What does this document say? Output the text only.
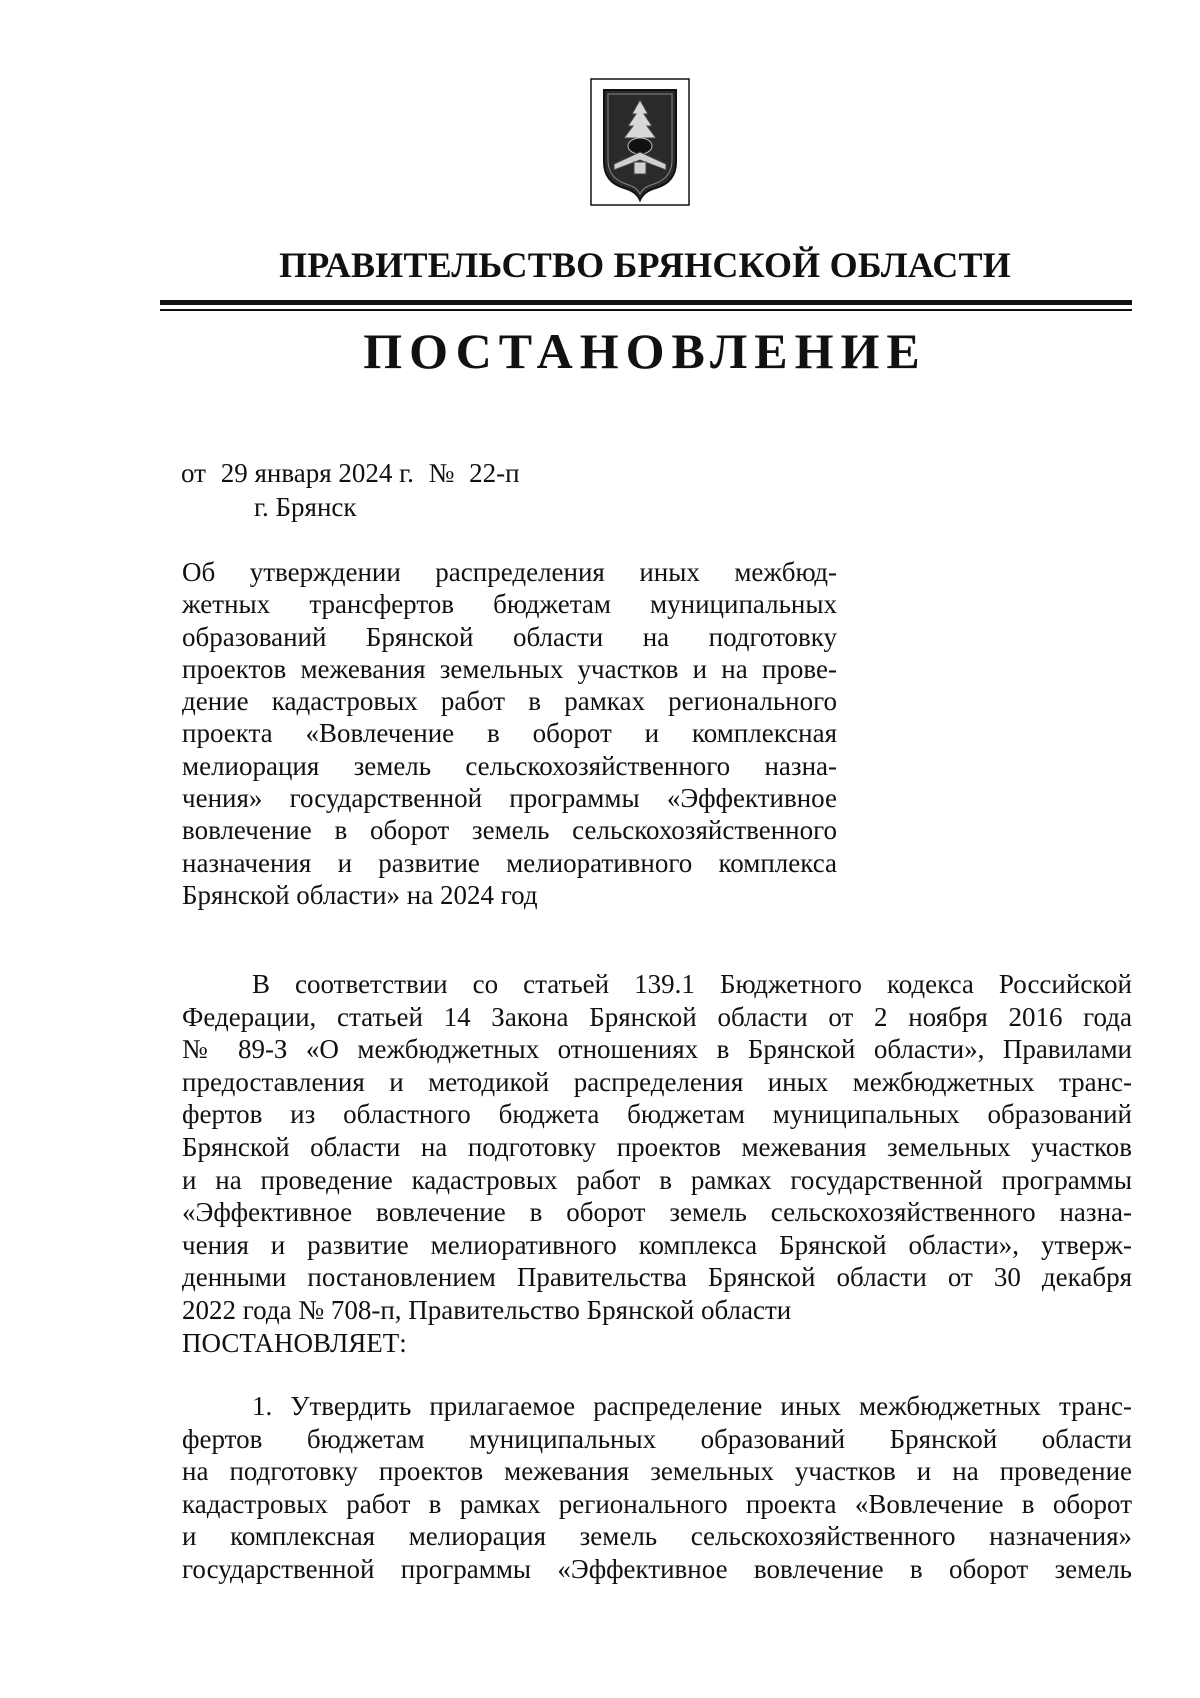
ПРАВИТЕЛЬСТВО БРЯНСКОЙ ОБЛАСТИ
ПОСТАНОВЛЕНИЕ
от 29 января 2024 г. № 22-п
г. Брянск
Об утверждении распределения иных межбюд-
жетных трансфертов бюджетам муниципальных
образований Брянской области на подготовку
проектов межевания земельных участков и на прове-
дение кадастровых работ в рамках регионального
проекта «Вовлечение в оборот и комплексная
мелиорация земель сельскохозяйственного назна-
чения» государственной программы «Эффективное
вовлечение в оборот земель сельскохозяйственного
назначения и развитие мелиоративного комплекса
Брянской области» на 2024 год
В соответствии со статьей 139.1 Бюджетного кодекса Российской
Федерации, статьей 14 Закона Брянской области от 2 ноября 2016 года
№ 89-З «О межбюджетных отношениях в Брянской области», Правилами
предоставления и методикой распределения иных межбюджетных транс-
фертов из областного бюджета бюджетам муниципальных образований
Брянской области на подготовку проектов межевания земельных участков
и на проведение кадастровых работ в рамках государственной программы
«Эффективное вовлечение в оборот земель сельскохозяйственного назна-
чения и развитие мелиоративного комплекса Брянской области», утверж-
денными постановлением Правительства Брянской области от 30 декабря
2022 года № 708-п, Правительство Брянской области
ПОСТАНОВЛЯЕТ:
1. Утвердить прилагаемое распределение иных межбюджетных транс-
фертов бюджетам муниципальных образований Брянской области
на подготовку проектов межевания земельных участков и на проведение
кадастровых работ в рамках регионального проекта «Вовлечение в оборот
и комплексная мелиорация земель сельскохозяйственного назначения»
государственной программы «Эффективное вовлечение в оборот земель
